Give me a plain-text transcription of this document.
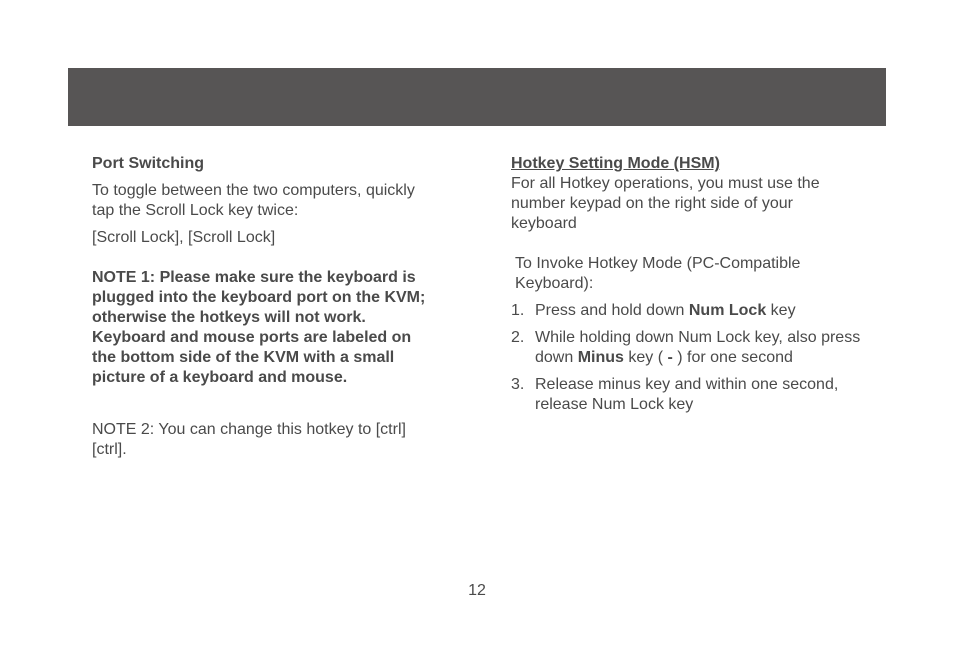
Port Switching

To toggle between the two computers, quickly tap the Scroll Lock key twice:

[Scroll Lock], [Scroll Lock]

NOTE 1: Please make sure the keyboard is plugged into the keyboard port on the KVM; otherwise the hotkeys will not work. Keyboard and mouse ports are labeled on the bottom side of the KVM with a small picture of a keyboard and mouse.

NOTE 2: You can change this hotkey to [ctrl] [ctrl].

Hotkey Setting Mode (HSM)

For all Hotkey operations, you must use the number keypad on the right side of your keyboard

To Invoke Hotkey Mode (PC-Compatible Keyboard):

1. Press and hold down Num Lock key
2. While holding down Num Lock key, also press down Minus key ( - ) for one second
3. Release minus key and within one second, release Num Lock key
12
